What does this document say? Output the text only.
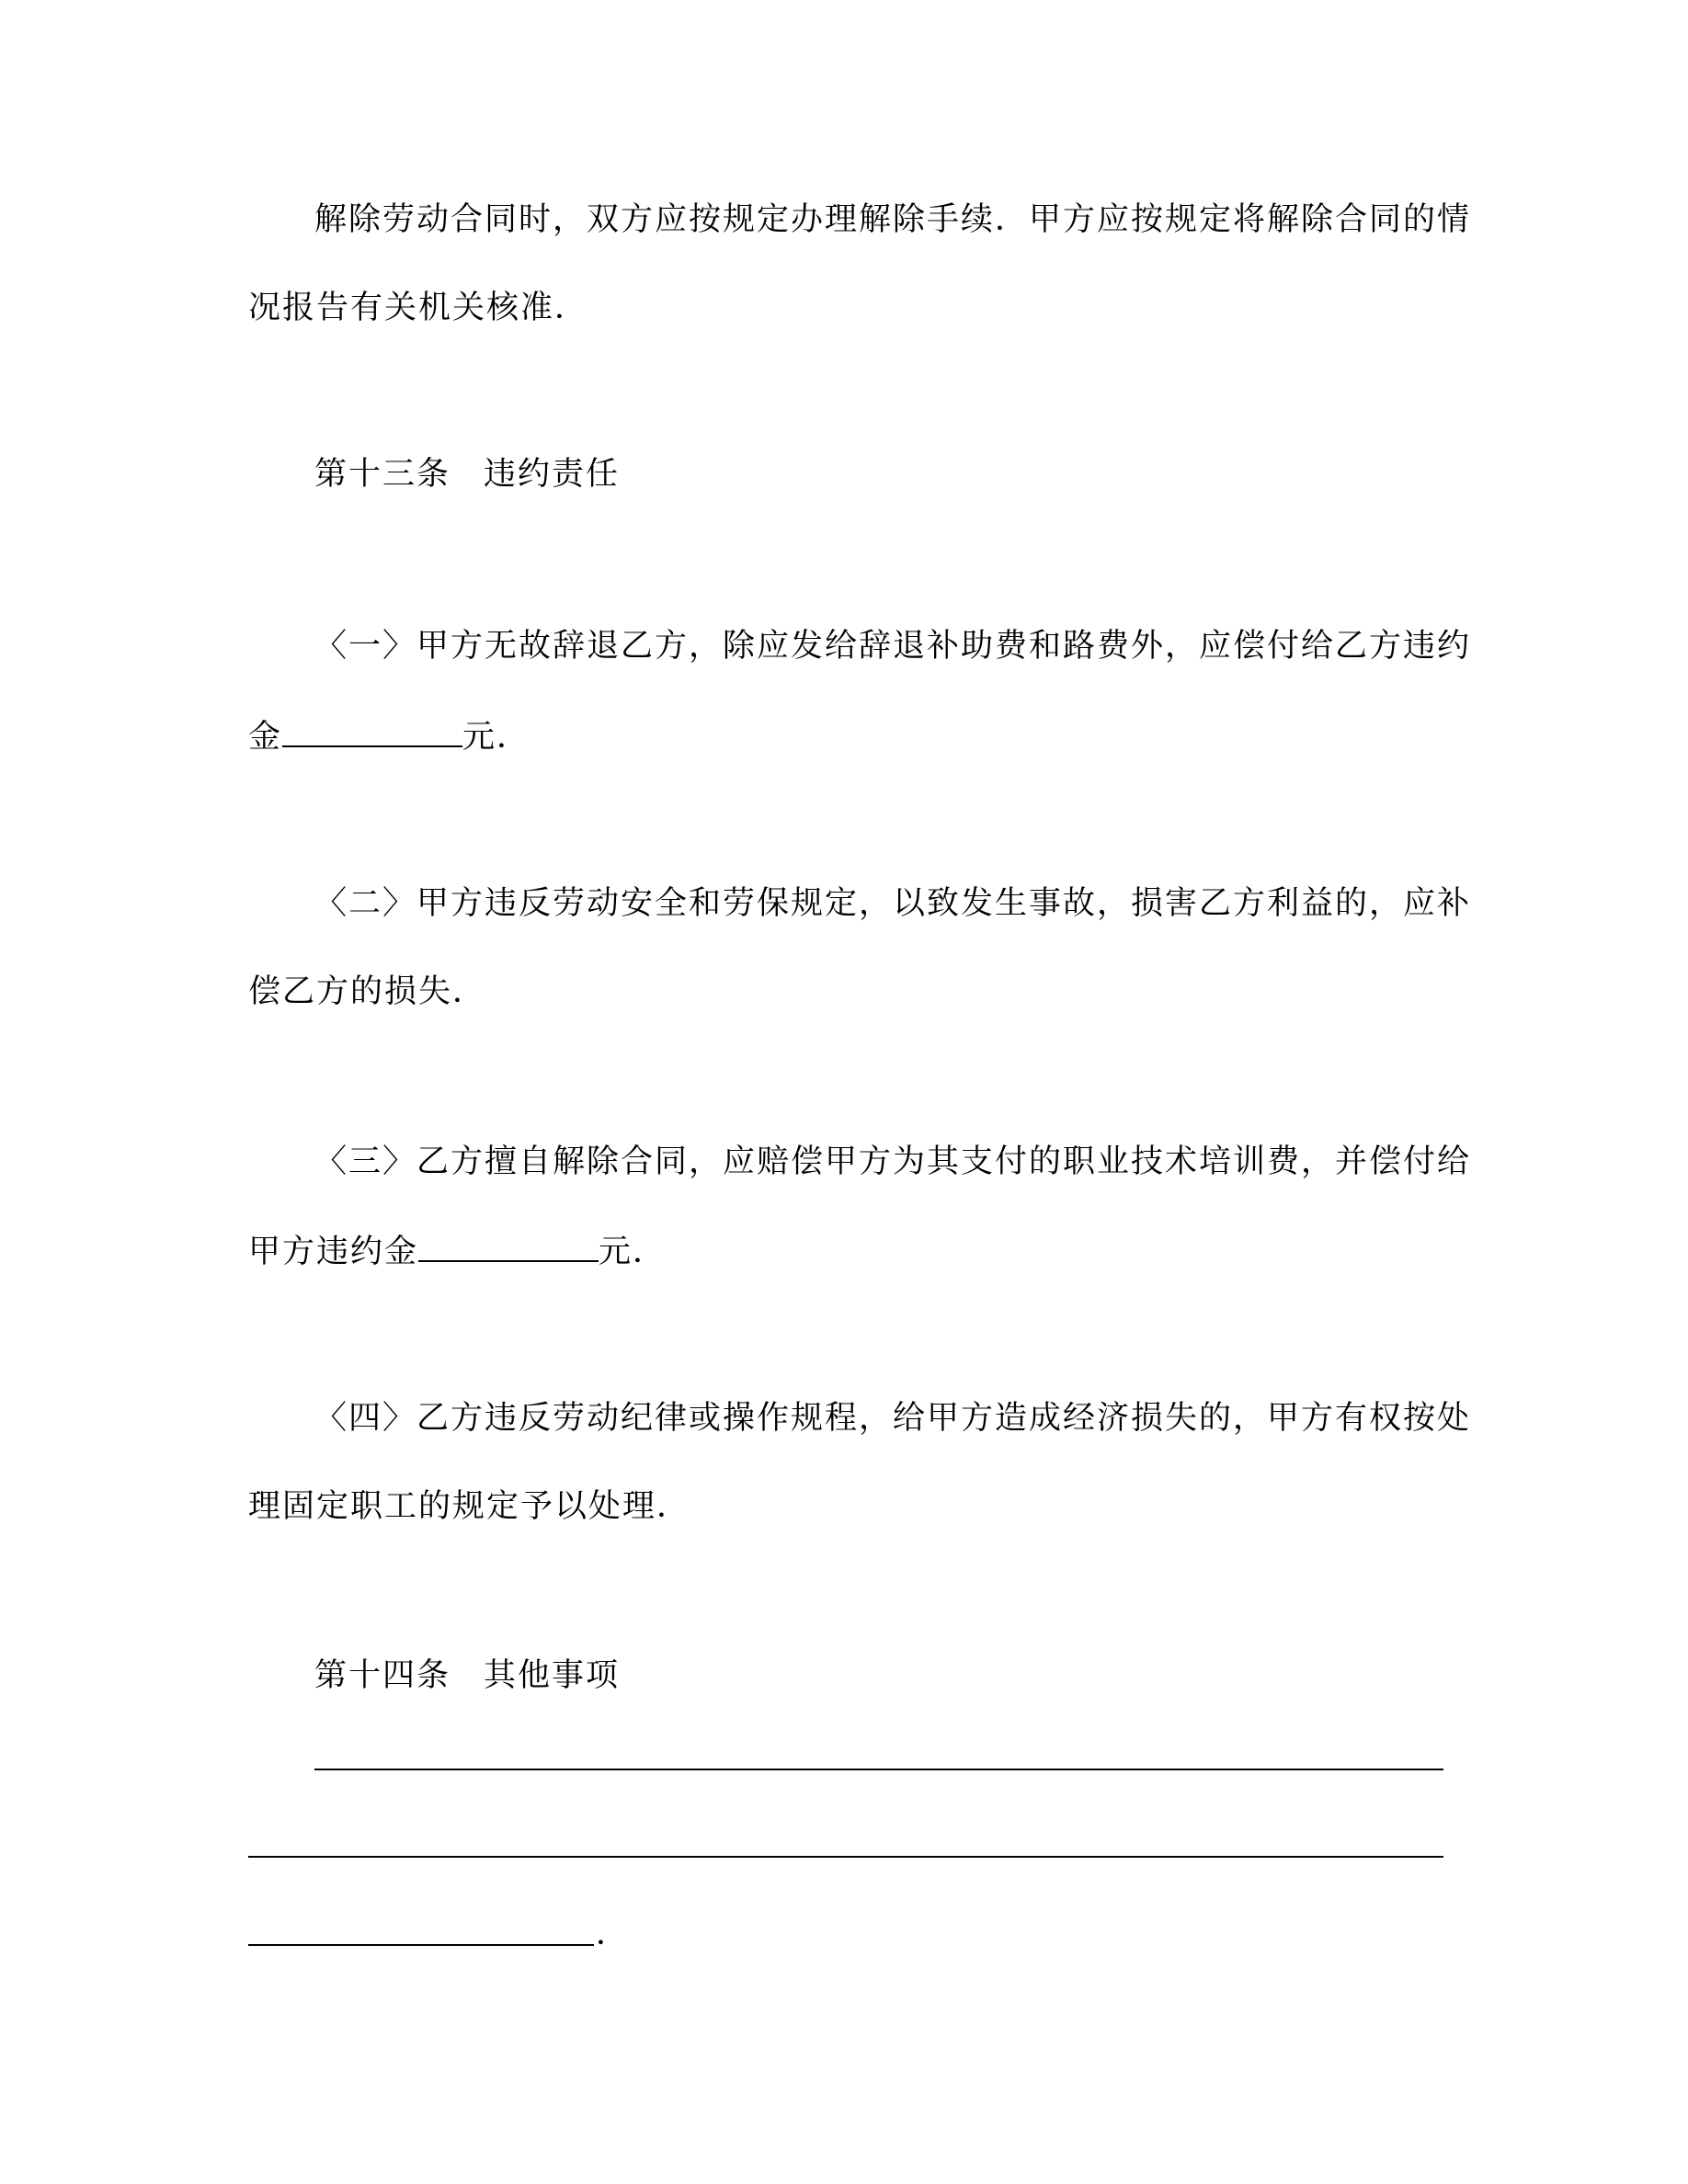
解除劳动合同时，双方应按规定办理解除手续．甲方应按规定将解除合同的情
况报告有关机关核准．
第十三条 违约责任
〈一〉甲方无故辞退乙方，除应发给辞退补助费和路费外，应偿付给乙方违约
金	元．
〈二〉甲方违反劳动安全和劳保规定，以致发生事故，损害乙方利益的，应补
偿乙方的损失．
〈三〉乙方擅自解除合同，应赔偿甲方为其支付的职业技术培训费，并偿付给
甲方违约金	元．
〈四〉乙方违反劳动纪律或操作规程，给甲方造成经济损失的，甲方有权按处
理固定职工的规定予以处理．
第十四条 其他事项
．
